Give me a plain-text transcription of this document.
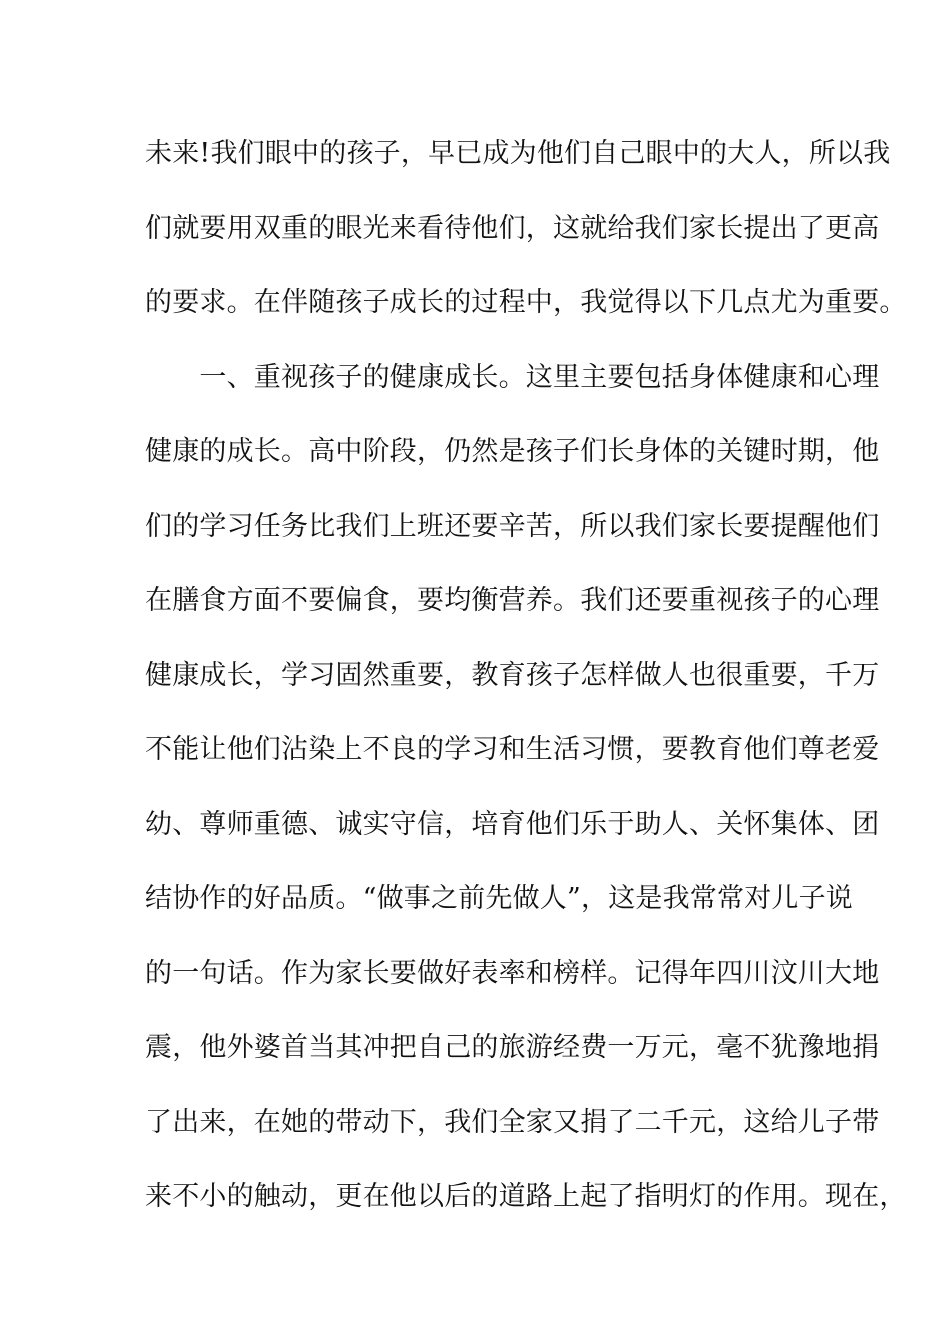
未来!我们眼中的孩子，早已成为他们自己眼中的大人，所以我
们就要用双重的眼光来看待他们，这就给我们家长提出了更高
的要求。在伴随孩子成长的过程中，我觉得以下几点尤为重要。
　　一、重视孩子的健康成长。这里主要包括身体健康和心理
健康的成长。高中阶段，仍然是孩子们长身体的关键时期，他
们的学习任务比我们上班还要辛苦，所以我们家长要提醒他们
在膳食方面不要偏食，要均衡营养。我们还要重视孩子的心理
健康成长，学习固然重要，教育孩子怎样做人也很重要，千万
不能让他们沾染上不良的学习和生活习惯，要教育他们尊老爱
幼、尊师重德、诚实守信，培育他们乐于助人、关怀集体、团
结协作的好品质。“做事之前先做人”，这是我常常对儿子说
的一句话。作为家长要做好表率和榜样。记得年四川汶川大地
震，他外婆首当其冲把自己的旅游经费一万元，毫不犹豫地捐
了出来，在她的带动下，我们全家又捐了二千元，这给儿子带
来不小的触动，更在他以后的道路上起了指明灯的作用。现在，
